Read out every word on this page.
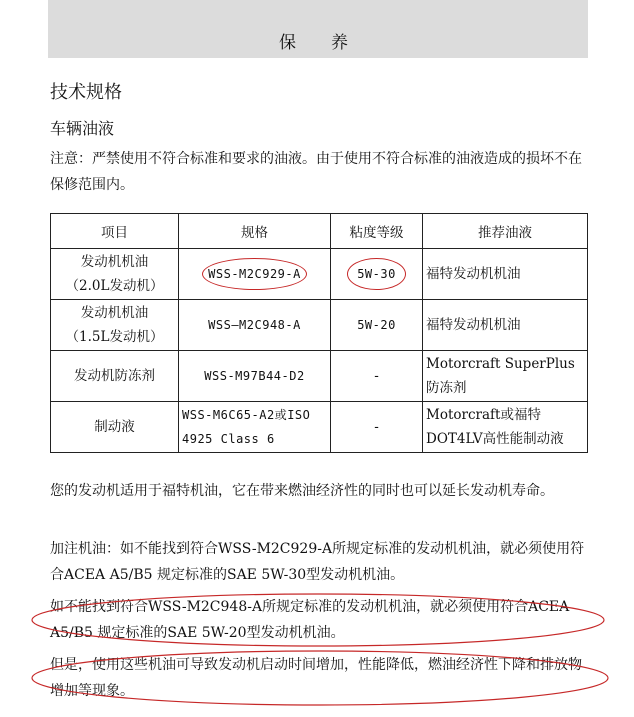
保　养
技术规格
车辆油液
注意：严禁使用不符合标准和要求的油液。由于使用不符合标准的油液造成的损坏不在保修范围内。
项目	规格	粘度等级	推荐油液

发动机机油
（2.0L发动机）	WSS-M2C929-A	5W-30	福特发动机机油

发动机机油
（1.5L发动机）	WSS–M2C948-A	5W-20	福特发动机机油
发动机防冻剂	WSS-M97B44-D2	-	Motorcraft SuperPlus防冻剂
制动液	WSS-M6C65-A2或ISO 4925 Class 6	-	Motorcraft或福特DOT4LV高性能制动液
您的发动机适用于福特机油，它在带来燃油经济性的同时也可以延长发动机寿命。
加注机油：如不能找到符合WSS-M2C929-A所规定标准的发动机机油，就必须使用符合ACEA A5/B5 规定标准的SAE 5W-30型发动机机油。
如不能找到符合WSS-M2C948-A所规定标准的发动机机油，就必须使用符合ACEA A5/B5 规定标准的SAE 5W-20型发动机机油。
但是，使用这些机油可导致发动机启动时间增加，性能降低，燃油经济性下降和排放物增加等现象。
